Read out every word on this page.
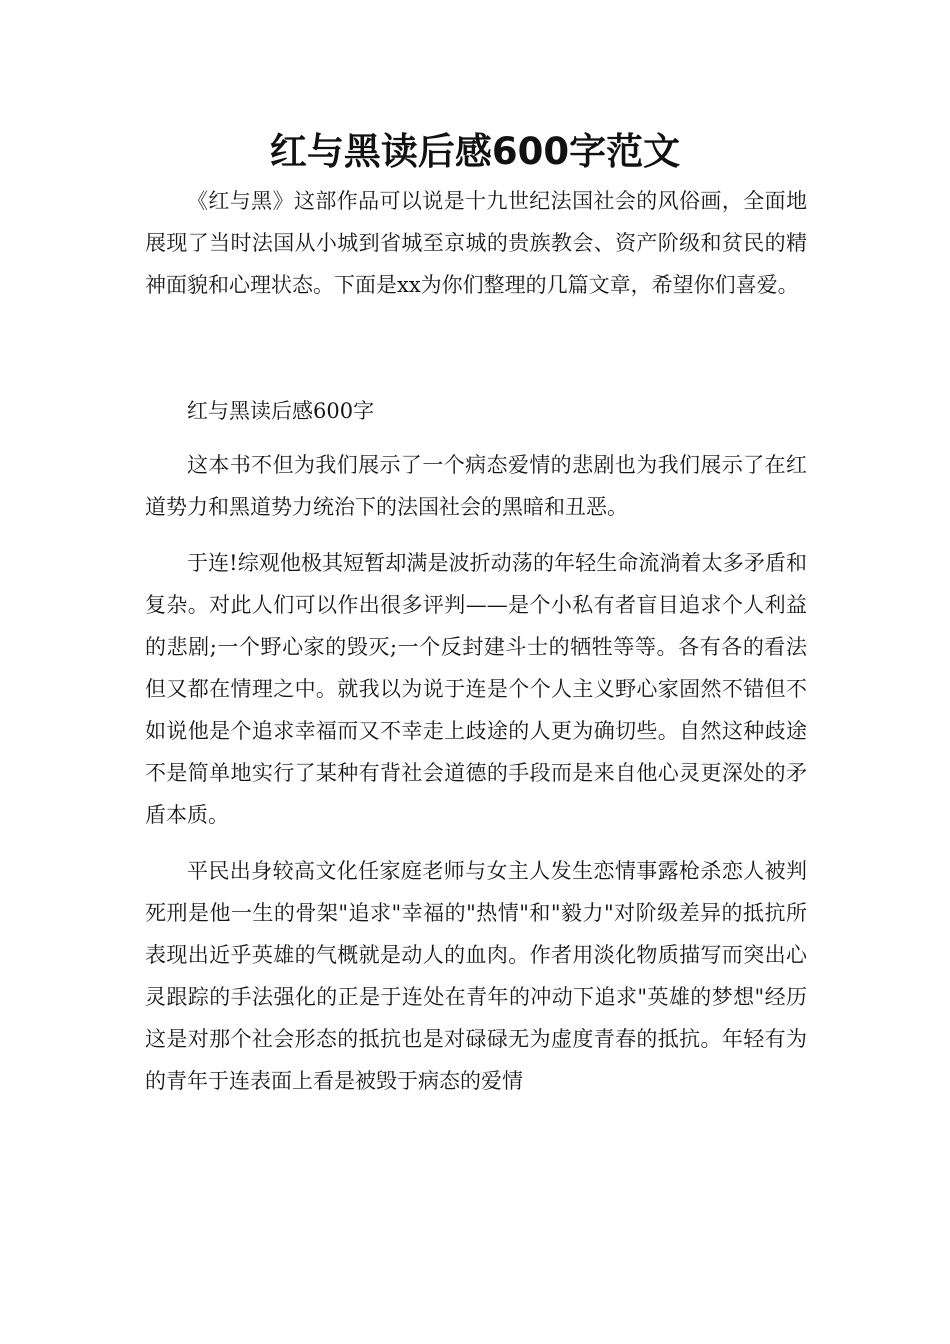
红与黑读后感600字范文

《红与黑》这部作品可以说是十九世纪法国社会的风俗画，全面地展现了当时法国从小城到省城至京城的贵族教会、资产阶级和贫民的精神面貌和心理状态。下面是xx为你们整理的几篇文章，希望你们喜爱。

红与黑读后感600字

这本书不但为我们展示了一个病态爱情的悲剧也为我们展示了在红道势力和黑道势力统治下的法国社会的黑暗和丑恶。

于连!综观他极其短暂却满是波折动荡的年轻生命流淌着太多矛盾和复杂。对此人们可以作出很多评判——是个小私有者盲目追求个人利益的悲剧;一个野心家的毁灭;一个反封建斗士的牺牲等等。各有各的看法但又都在情理之中。就我以为说于连是个个人主义野心家固然不错但不如说他是个追求幸福而又不幸走上歧途的人更为确切些。自然这种歧途不是简单地实行了某种有背社会道德的手段而是来自他心灵更深处的矛盾本质。

平民出身较高文化任家庭老师与女主人发生恋情事露枪杀恋人被判死刑是他一生的骨架"追求"幸福的"热情"和"毅力"对阶级差异的抵抗所表现出近乎英雄的气概就是动人的血肉。作者用淡化物质描写而突出心灵跟踪的手法强化的正是于连处在青年的冲动下追求"英雄的梦想"经历这是对那个社会形态的抵抗也是对碌碌无为虚度青春的抵抗。年轻有为的青年于连表面上看是被毁于病态的爱情
